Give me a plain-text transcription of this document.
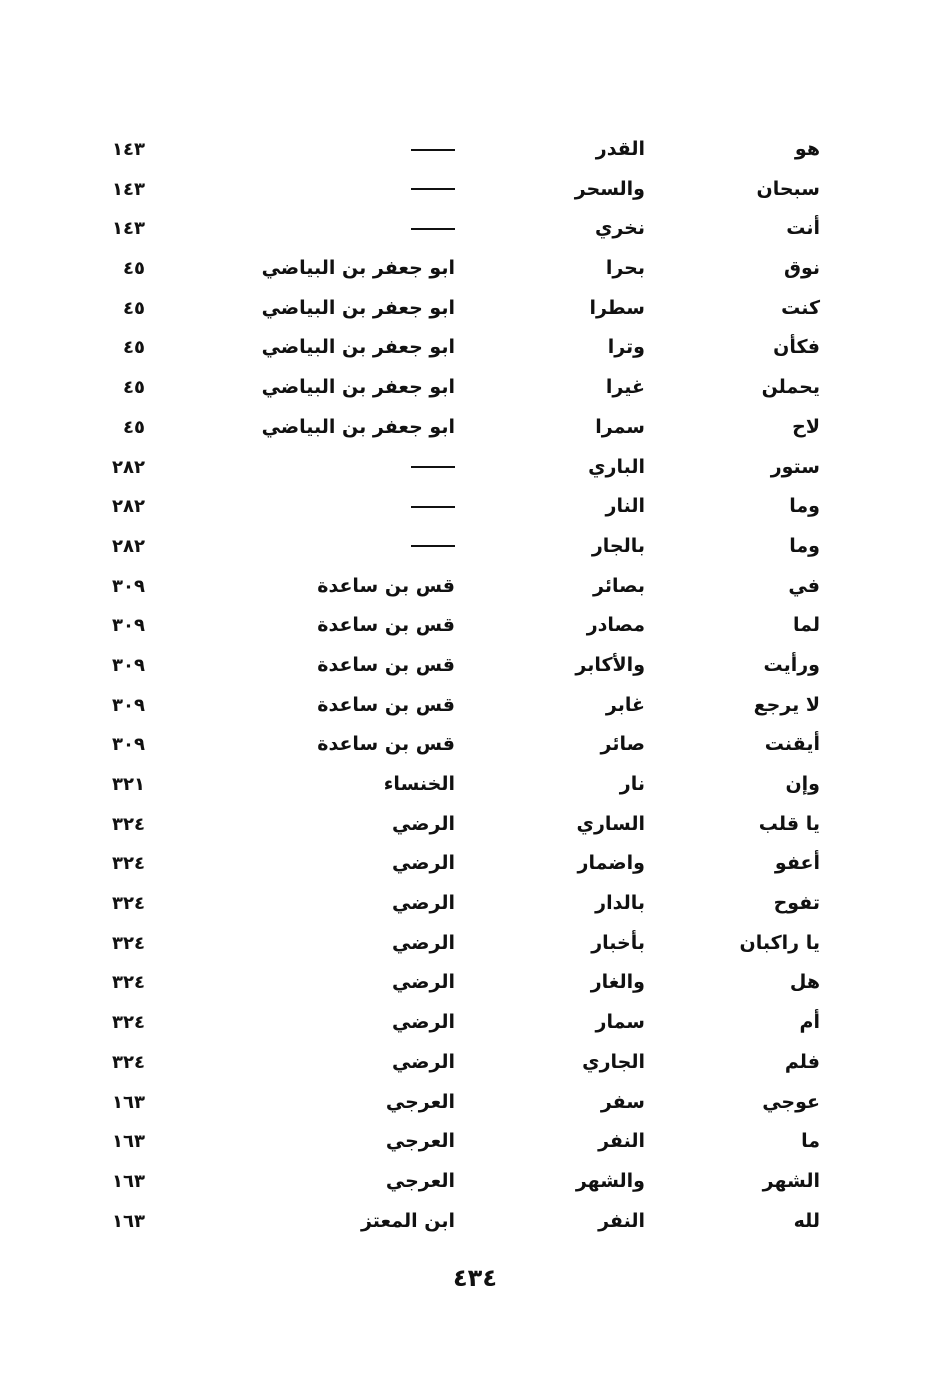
هو
القدر
١٤٣
سبحان
والسحر
١٤٣
أنت
نخري
١٤٣
نوق
بحرا
ابو جعفر بن البياضي
٤٥
كنت
سطرا
ابو جعفر بن البياضي
٤٥
فكأن
وترا
ابو جعفر بن البياضي
٤٥
يحملن
غيرا
ابو جعفر بن البياضي
٤٥
لاح
سمرا
ابو جعفر بن البياضي
٤٥
ستور
الباري
٢٨٢
وما
النار
٢٨٢
وما
بالجار
٢٨٢
في
بصائر
قس بن ساعدة
٣٠٩
لما
مصادر
قس بن ساعدة
٣٠٩
ورأيت
والأكابر
قس بن ساعدة
٣٠٩
لا يرجع
غابر
قس بن ساعدة
٣٠٩
أيقنت
صائر
قس بن ساعدة
٣٠٩
وإن
نار
الخنساء
٣٢١
يا قلب
الساري
الرضي
٣٢٤
أعفو
واضمار
الرضي
٣٢٤
تفوح
بالدار
الرضي
٣٢٤
يا راكبان
بأخبار
الرضي
٣٢٤
هل
والغار
الرضي
٣٢٤
أم
سمار
الرضي
٣٢٤
فلم
الجاري
الرضي
٣٢٤
عوجي
سفر
العرجي
١٦٣
ما
النفر
العرجي
١٦٣
الشهر
والشهر
العرجي
١٦٣
لله
النفر
ابن المعتز
١٦٣
٤٣٤
